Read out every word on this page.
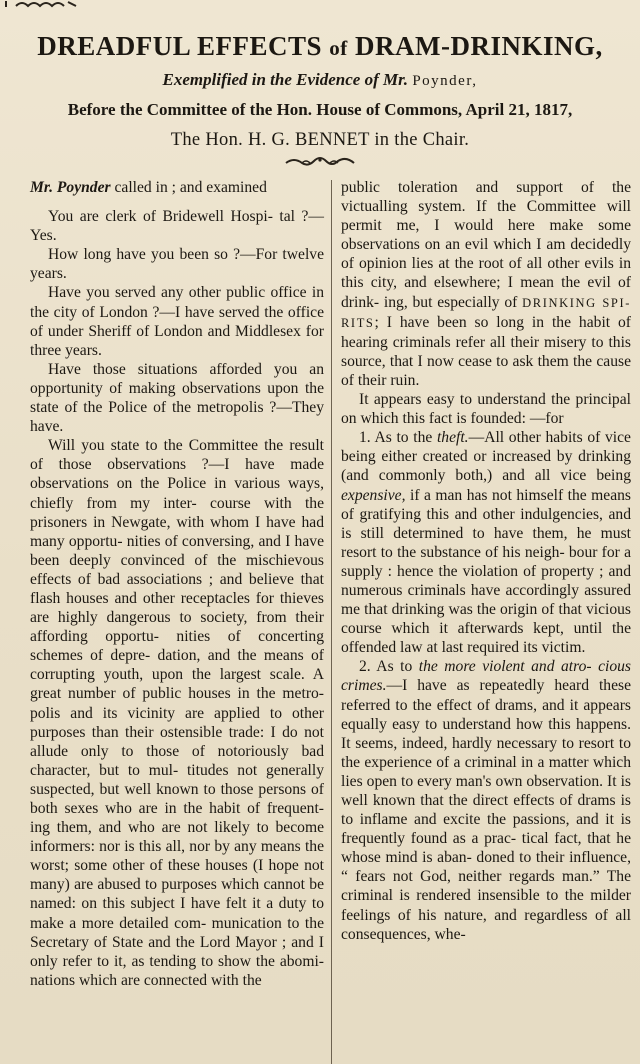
DREADFUL EFFECTS of DRAM-DRINKING,
Exemplified in the Evidence of Mr. Poynder,
Before the Committee of the Hon. House of Commons, April 21, 1817,
The Hon. H. G. BENNET in the Chair.

Mr. Poynder called in ; and examined

You are clerk of Bridewell Hospi- tal ?—Yes.

How long have you been so ?—For twelve years.

Have you served any other public office in the city of London ?—I have served the office of under Sheriff of London and Middlesex for three years.

Have those situations afforded you an opportunity of making observations upon the state of the Police of the metropolis ?—They have.

Will you state to the Committee the result of those observations ?—I have made observations on the Police in various ways, chiefly from my inter- course with the prisoners in Newgate, with whom I have had many opportu- nities of conversing, and I have been deeply convinced of the mischievous effects of bad associations ; and believe that flash houses and other receptacles for thieves are highly dangerous to society, from their affording opportu- nities of concerting schemes of depre- dation, and the means of corrupting youth, upon the largest scale. A great number of public houses in the metro- polis and its vicinity are applied to other purposes than their ostensible trade: I do not allude only to those of notoriously bad character, but to mul- titudes not generally suspected, but well known to those persons of both sexes who are in the habit of frequent- ing them, and who are not likely to become informers: nor is this all, nor by any means the worst; some other of these houses (I hope not many) are abused to purposes which cannot be named: on this subject I have felt it a duty to make a more detailed com- munication to the Secretary of State and the Lord Mayor ; and I only refer to it, as tending to show the abomi- nations which are connected with the

public toleration and support of the victualling system. If the Committee will permit me, I would here make some observations on an evil which I am decidedly of opinion lies at the root of all other evils in this city, and elsewhere; I mean the evil of drink- ing, but especially of DRINKING SPI- RITS; I have been so long in the habit of hearing criminals refer all their misery to this source, that I now cease to ask them the cause of their ruin.

It appears easy to understand the principal on which this fact is founded: —for

1. As to the theft.—All other habits of vice being either created or increased by drinking (and commonly both,) and all vice being expensive, if a man has not himself the means of gratifying this and other indulgencies, and is still determined to have them, he must resort to the substance of his neigh- bour for a supply : hence the violation of property ; and numerous criminals have accordingly assured me that drinking was the origin of that vicious course which it afterwards kept, until the offended law at last required its victim.

2. As to the more violent and atro- cious crimes.—I have as repeatedly heard these referred to the effect of drams, and it appears equally easy to understand how this happens. It seems, indeed, hardly necessary to resort to the experience of a criminal in a matter which lies open to every man's own observation. It is well known that the direct effects of drams is to inflame and excite the passions, and it is frequently found as a prac- tical fact, that he whose mind is aban- doned to their influence, “ fears not God, neither regards man.” The criminal is rendered insensible to the milder feelings of his nature, and regardless of all consequences, whe-
